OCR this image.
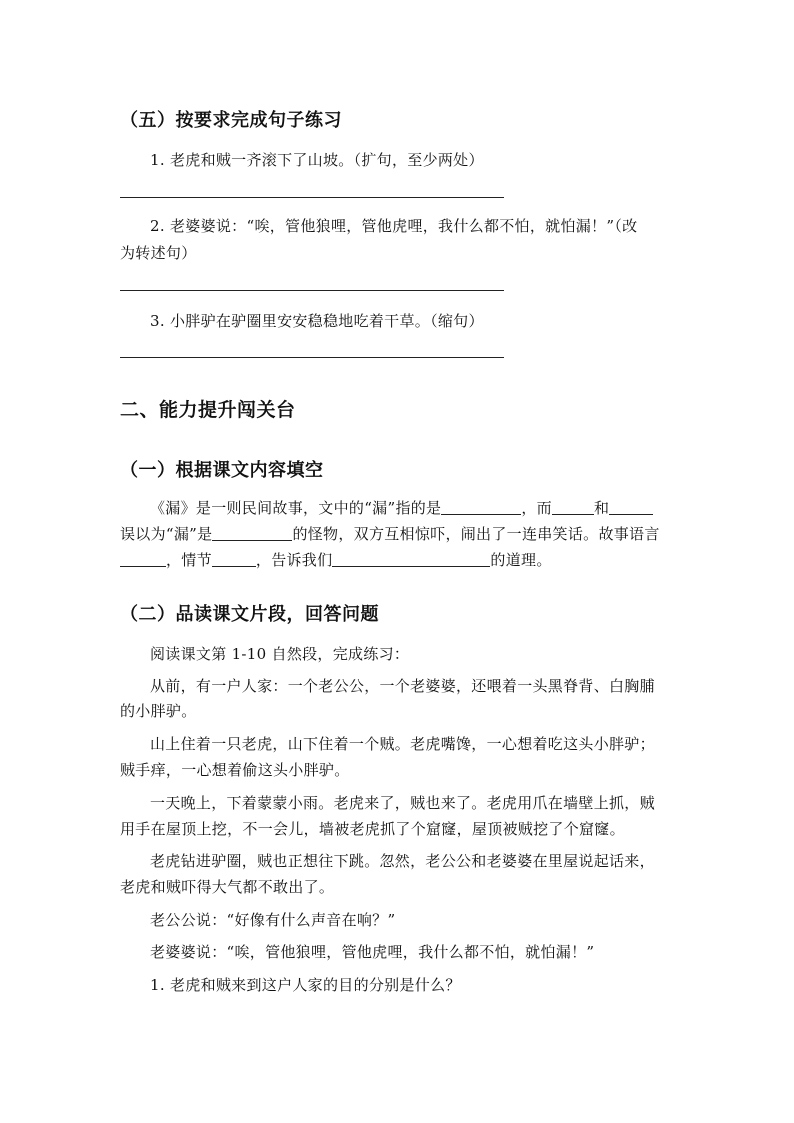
（五）按要求完成句子练习
1. 老虎和贼一齐滚下了山坡。（扩句，至少两处）
2. 老婆婆说：“唉，管他狼哩，管他虎哩，我什么都不怕，就怕漏！”（改
为转述句）
3. 小胖驴在驴圈里安安稳稳地吃着干草。（缩句）
二、能力提升闯关台
（一）根据课文内容填空
《漏》是一则民间故事，文中的“漏”指的是	，而	和
误以为“漏”是	的怪物，双方互相惊吓，闹出了一连串笑话。故事语言
，情节	，告诉我们	的道理。
（二）品读课文片段，回答问题
阅读课文第 1-10 自然段，完成练习：
从前，有一户人家：一个老公公，一个老婆婆，还喂着一头黑脊背、白胸脯
的小胖驴。
山上住着一只老虎，山下住着一个贼。老虎嘴馋，一心想着吃这头小胖驴；
贼手痒，一心想着偷这头小胖驴。
一天晚上，下着蒙蒙小雨。老虎来了，贼也来了。老虎用爪在墙壁上抓，贼
用手在屋顶上挖，不一会儿，墙被老虎抓了个窟窿，屋顶被贼挖了个窟窿。
老虎钻进驴圈，贼也正想往下跳。忽然，老公公和老婆婆在里屋说起话来，
老虎和贼吓得大气都不敢出了。
老公公说：“好像有什么声音在响？”
老婆婆说：“唉，管他狼哩，管他虎哩，我什么都不怕，就怕漏！”
1. 老虎和贼来到这户人家的目的分别是什么？
